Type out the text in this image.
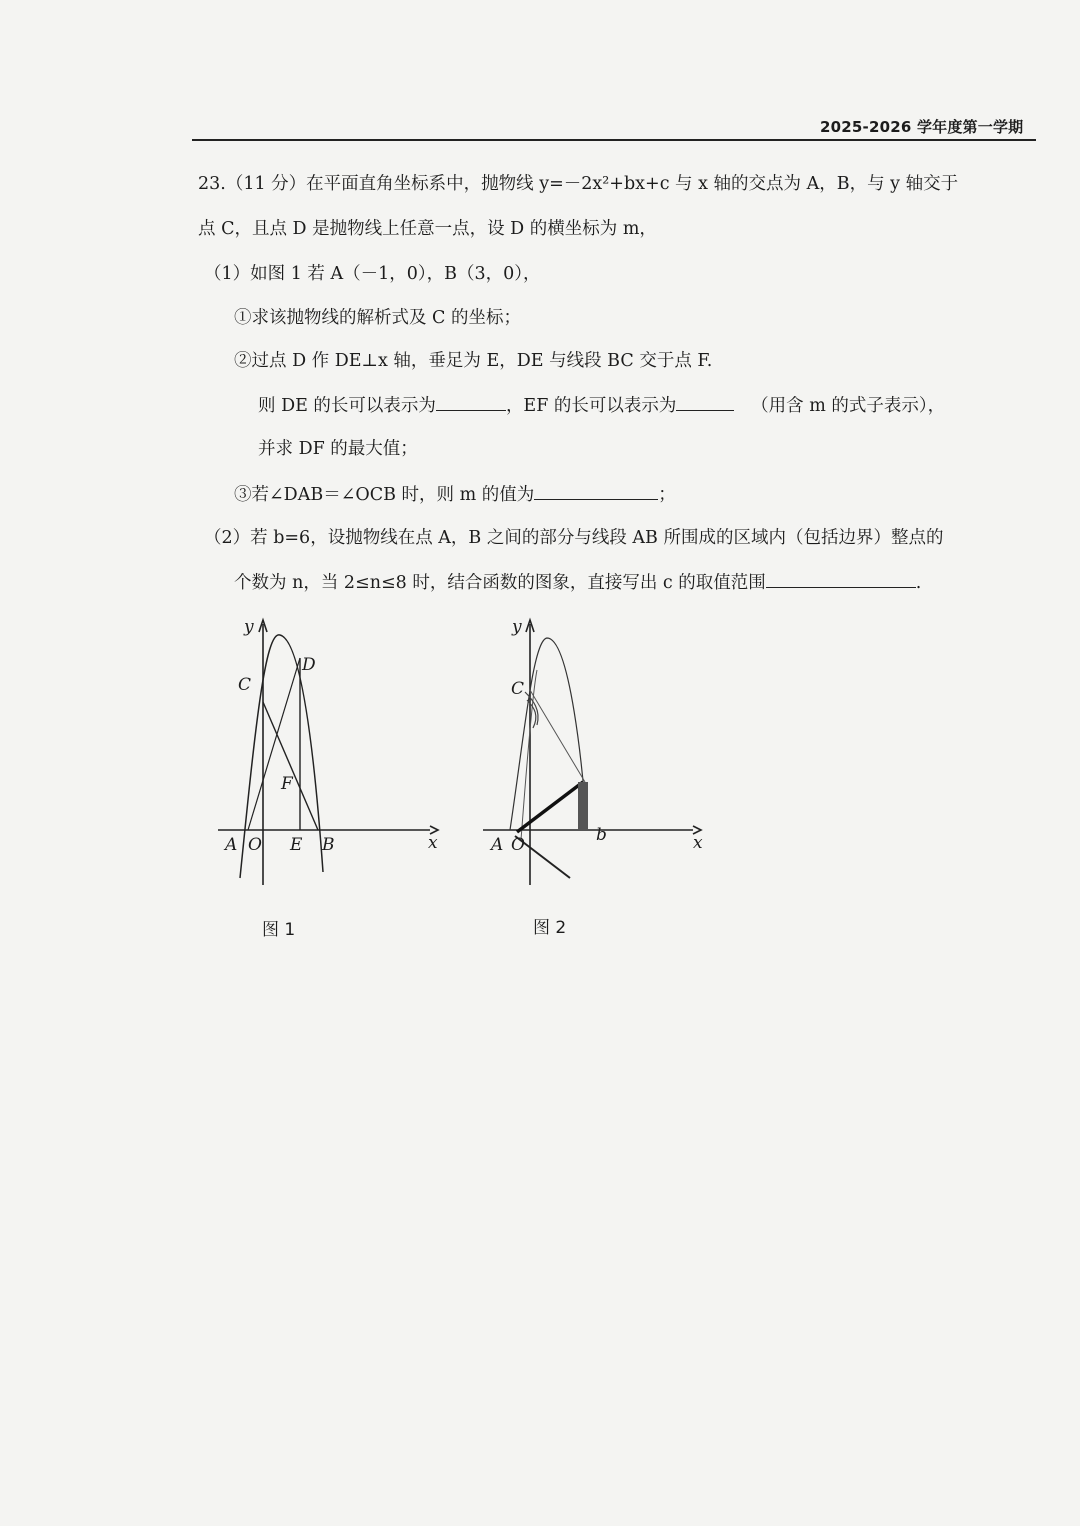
2025-2026 学年度第一学期
23.（11 分）在平面直角坐标系中，抛物线 y=－2x²+bx+c 与 x 轴的交点为 A，B，与 y 轴交于
点 C，且点 D 是抛物线上任意一点，设 D 的横坐标为 m，
（1）如图 1 若 A（－1，0），B（3，0），
①求该抛物线的解析式及 C 的坐标；
②过点 D 作 DE⊥x 轴，垂足为 E，DE 与线段 BC 交于点 F.
则 DE 的长可以表示为	，EF 的长可以表示为	（用含 m 的式子表示），
并求 DF 的最大值；
③若∠DAB＝∠OCB 时，则 m 的值为	；
（2）若 b=6，设抛物线在点 A，B 之间的部分与线段 AB 所围成的区域内（包括边界）整点的
个数为 n，当 2≤n≤8 时，结合函数的图象，直接写出 c 的取值范围	.
y
x
A O E B
C
D
F
y
x
A O
C
b
图 1	图 2
